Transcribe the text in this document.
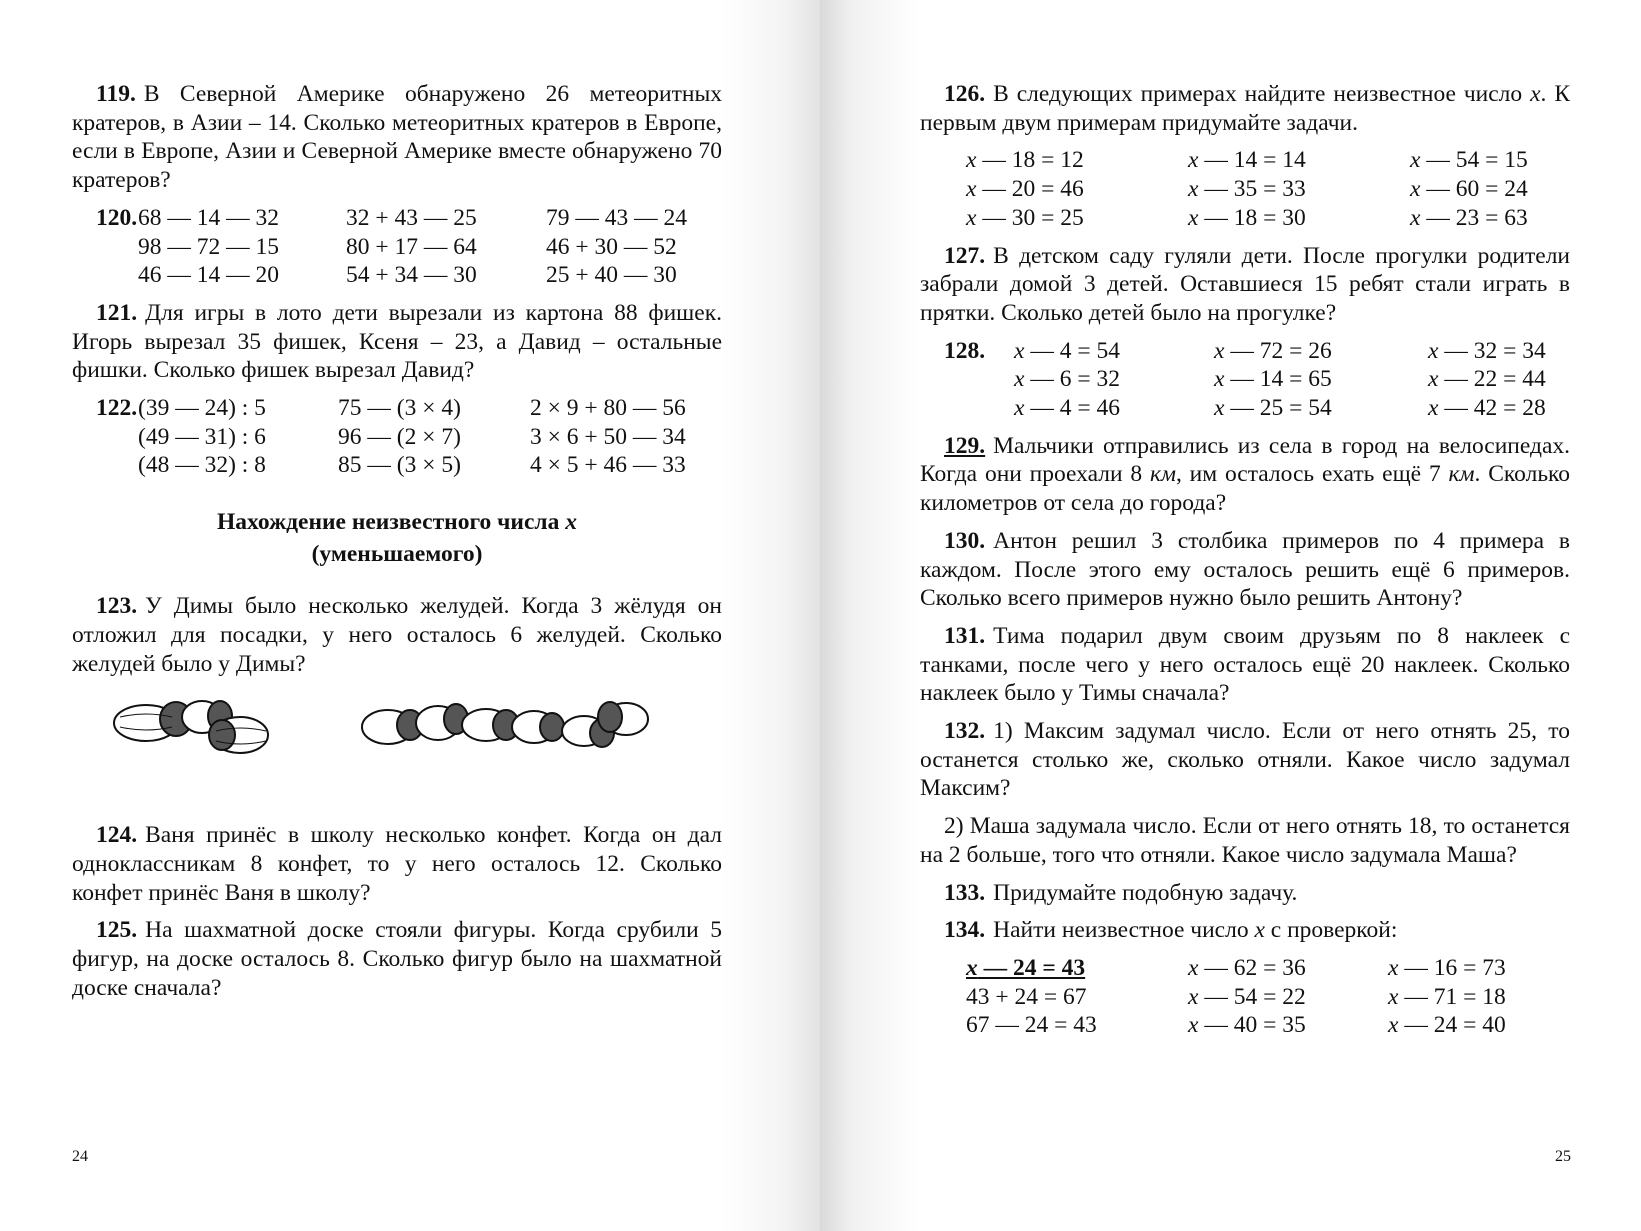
119. В Северной Америке обнаружено 26 метеоритных кратеров, в Азии – 14. Сколько метеоритных кратеров в Европе, если в Европе, Азии и Северной Америке вместе обнаружено 70 кратеров?

120. 68 — 14 — 32	32 + 43 — 25	79 — 43 — 24
98 — 72 — 15	80 + 17 — 64	46 + 30 — 52
46 — 14 — 20	54 + 34 — 30	25 + 40 — 30

121. Для игры в лото дети вырезали из картона 88 фишек. Игорь вырезал 35 фишек, Ксеня – 23, а Давид – остальные фишки. Сколько фишек вырезал Давид?

122. (39 — 24) : 5	75 — (3 × 4)	2 × 9 + 80 — 56
(49 — 31) : 6	96 — (2 × 7)	3 × 6 + 50 — 34
(48 — 32) : 8	85 — (3 × 5)	4 × 5 + 46 — 33
Нахождение неизвестного числа x
(уменьшаемого)

123. У Димы было несколько желудей. Когда 3 жёлудя он отложил для посадки, у него осталось 6 желудей. Сколько желудей было у Димы?

124. Ваня принёс в школу несколько конфет. Когда он дал одноклассникам 8 конфет, то у него осталось 12. Сколько конфет принёс Ваня в школу?

125. На шахматной доске стояли фигуры. Когда срубили 5 фигур, на доске осталось 8. Сколько фигур было на шахматной доске сначала?

24

126. В следующих примерах найдите неизвестное число x. К первым двум примерам придумайте задачи.

x — 18 = 12	x — 14 = 14	x — 54 = 15
x — 20 = 46	x — 35 = 33	x — 60 = 24
x — 30 = 25	x — 18 = 30	x — 23 = 63

127. В детском саду гуляли дети. После прогулки родители забрали домой 3 детей. Оставшиеся 15 ребят стали играть в прятки. Сколько детей было на прогулке?

128.	x — 4 = 54	x — 72 = 26	x — 32 = 34
x — 6 = 32	x — 14 = 65	x — 22 = 44
x — 4 = 46	x — 25 = 54	x — 42 = 28

129. Мальчики отправились из села в город на велосипедах. Когда они проехали 8 км, им осталось ехать ещё 7 км. Сколько километров от села до города?

130. Антон решил 3 столбика примеров по 4 примера в каждом. После этого ему осталось решить ещё 6 примеров. Сколько всего примеров нужно было решить Антону?

131. Тима подарил двум своим друзьям по 8 наклеек с танками, после чего у него осталось ещё 20 наклеек. Сколько наклеек было у Тимы сначала?

132. 1) Максим задумал число. Если от него отнять 25, то останется столько же, сколько отняли. Какое число задумал Максим?

2) Маша задумала число. Если от него отнять 18, то останется на 2 больше, того что отняли. Какое число задумала Маша?

133. Придумайте подобную задачу.

134. Найти неизвестное число x с проверкой:

x — 24 = 43	x — 62 = 36	x — 16 = 73
43 + 24 = 67	x — 54 = 22	x — 71 = 18
67 — 24 = 43	x — 40 = 35	x — 24 = 40
25
